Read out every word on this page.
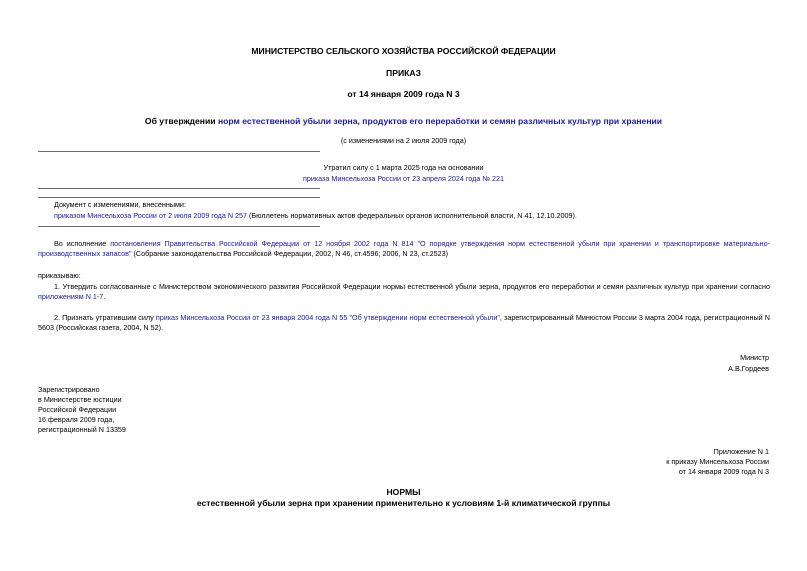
МИНИСТЕРСТВО СЕЛЬСКОГО ХОЗЯЙСТВА РОССИЙСКОЙ ФЕДЕРАЦИИ
ПРИКАЗ
от 14 января 2009 года N 3
Об утверждении норм естественной убыли зерна, продуктов его переработки и семян различных культур при хранении
(с изменениями на 2 июля 2009 года)
Утратил силу с 1 марта 2025 года на основании
приказа Минсельхоза России от 23 апреля 2024 года № 221
Документ с изменениями, внесенными:
приказом Минсельхоза России от 2 июля 2009 года N 257 (Бюллетень нормативных актов федеральных органов исполнительной власти, N 41, 12.10.2009).
Во исполнение постановления Правительства Российской Федерации от 12 ноября 2002 года N 814 "О порядке утверждения норм естественной убыли при хранении и транспортировке материально-производственных запасов" (Собрание законодательства Российской Федерации, 2002, N 46, ст.4596; 2006, N 23, ст.2523)
приказываю:
1. Утвердить согласованные с Министерством экономического развития Российской Федерации нормы естественной убыли зерна, продуктов его переработки и семян различных культур при хранении согласно приложениям N 1-7.
2. Признать утратившим силу приказ Минсельхоза России от 23 января 2004 года N 55 "Об утверждении норм естественной убыли", зарегистрированный Минюстом России 3 марта 2004 года, регистрационный N 5603 (Российская газета, 2004, N 52).
Министр
А.В.Гордеев
Зарегистрировано
в Министерстве юстиции
Российской Федерации
16 февраля 2009 года,
регистрационный N 13359
Приложение N 1
к приказу Минсельхоза России
от 14 января 2009 года N 3
НОРМЫ
естественной убыли зерна при хранении применительно к условиям 1-й климатической группы
